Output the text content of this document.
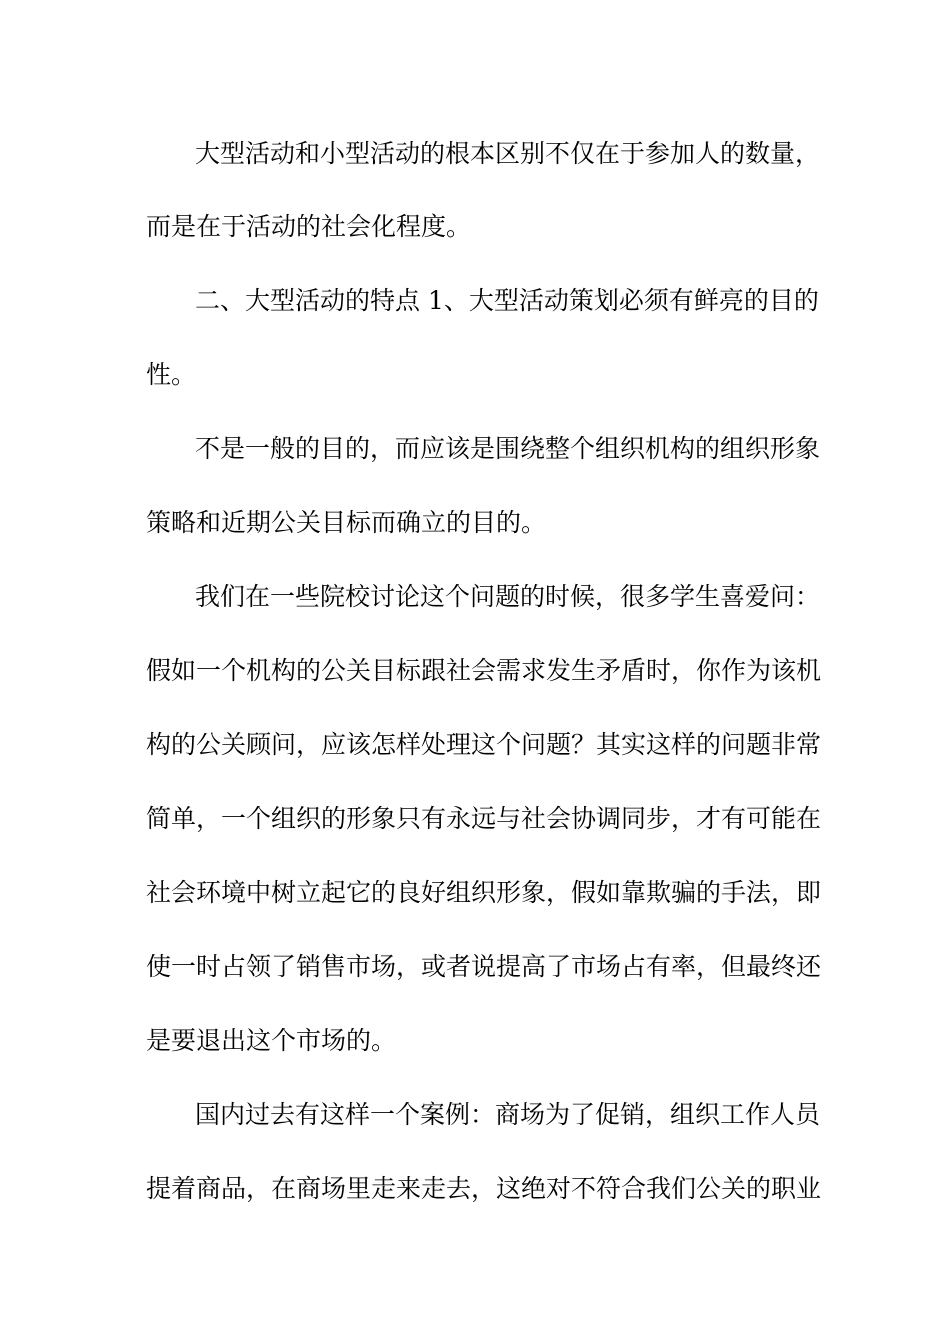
大型活动和小型活动的根本区别不仅在于参加人的数量，
而是在于活动的社会化程度。
二、大型活动的特点 1、大型活动策划必须有鲜亮的目的
性。
不是一般的目的，而应该是围绕整个组织机构的组织形象
策略和近期公关目标而确立的目的。
我们在一些院校讨论这个问题的时候，很多学生喜爱问：
假如一个机构的公关目标跟社会需求发生矛盾时，你作为该机
构的公关顾问，应该怎样处理这个问题？其实这样的问题非常
简单，一个组织的形象只有永远与社会协调同步，才有可能在
社会环境中树立起它的良好组织形象，假如靠欺骗的手法，即
使一时占领了销售市场，或者说提高了市场占有率，但最终还
是要退出这个市场的。
国内过去有这样一个案例：商场为了促销，组织工作人员
提着商品，在商场里走来走去，这绝对不符合我们公关的职业
